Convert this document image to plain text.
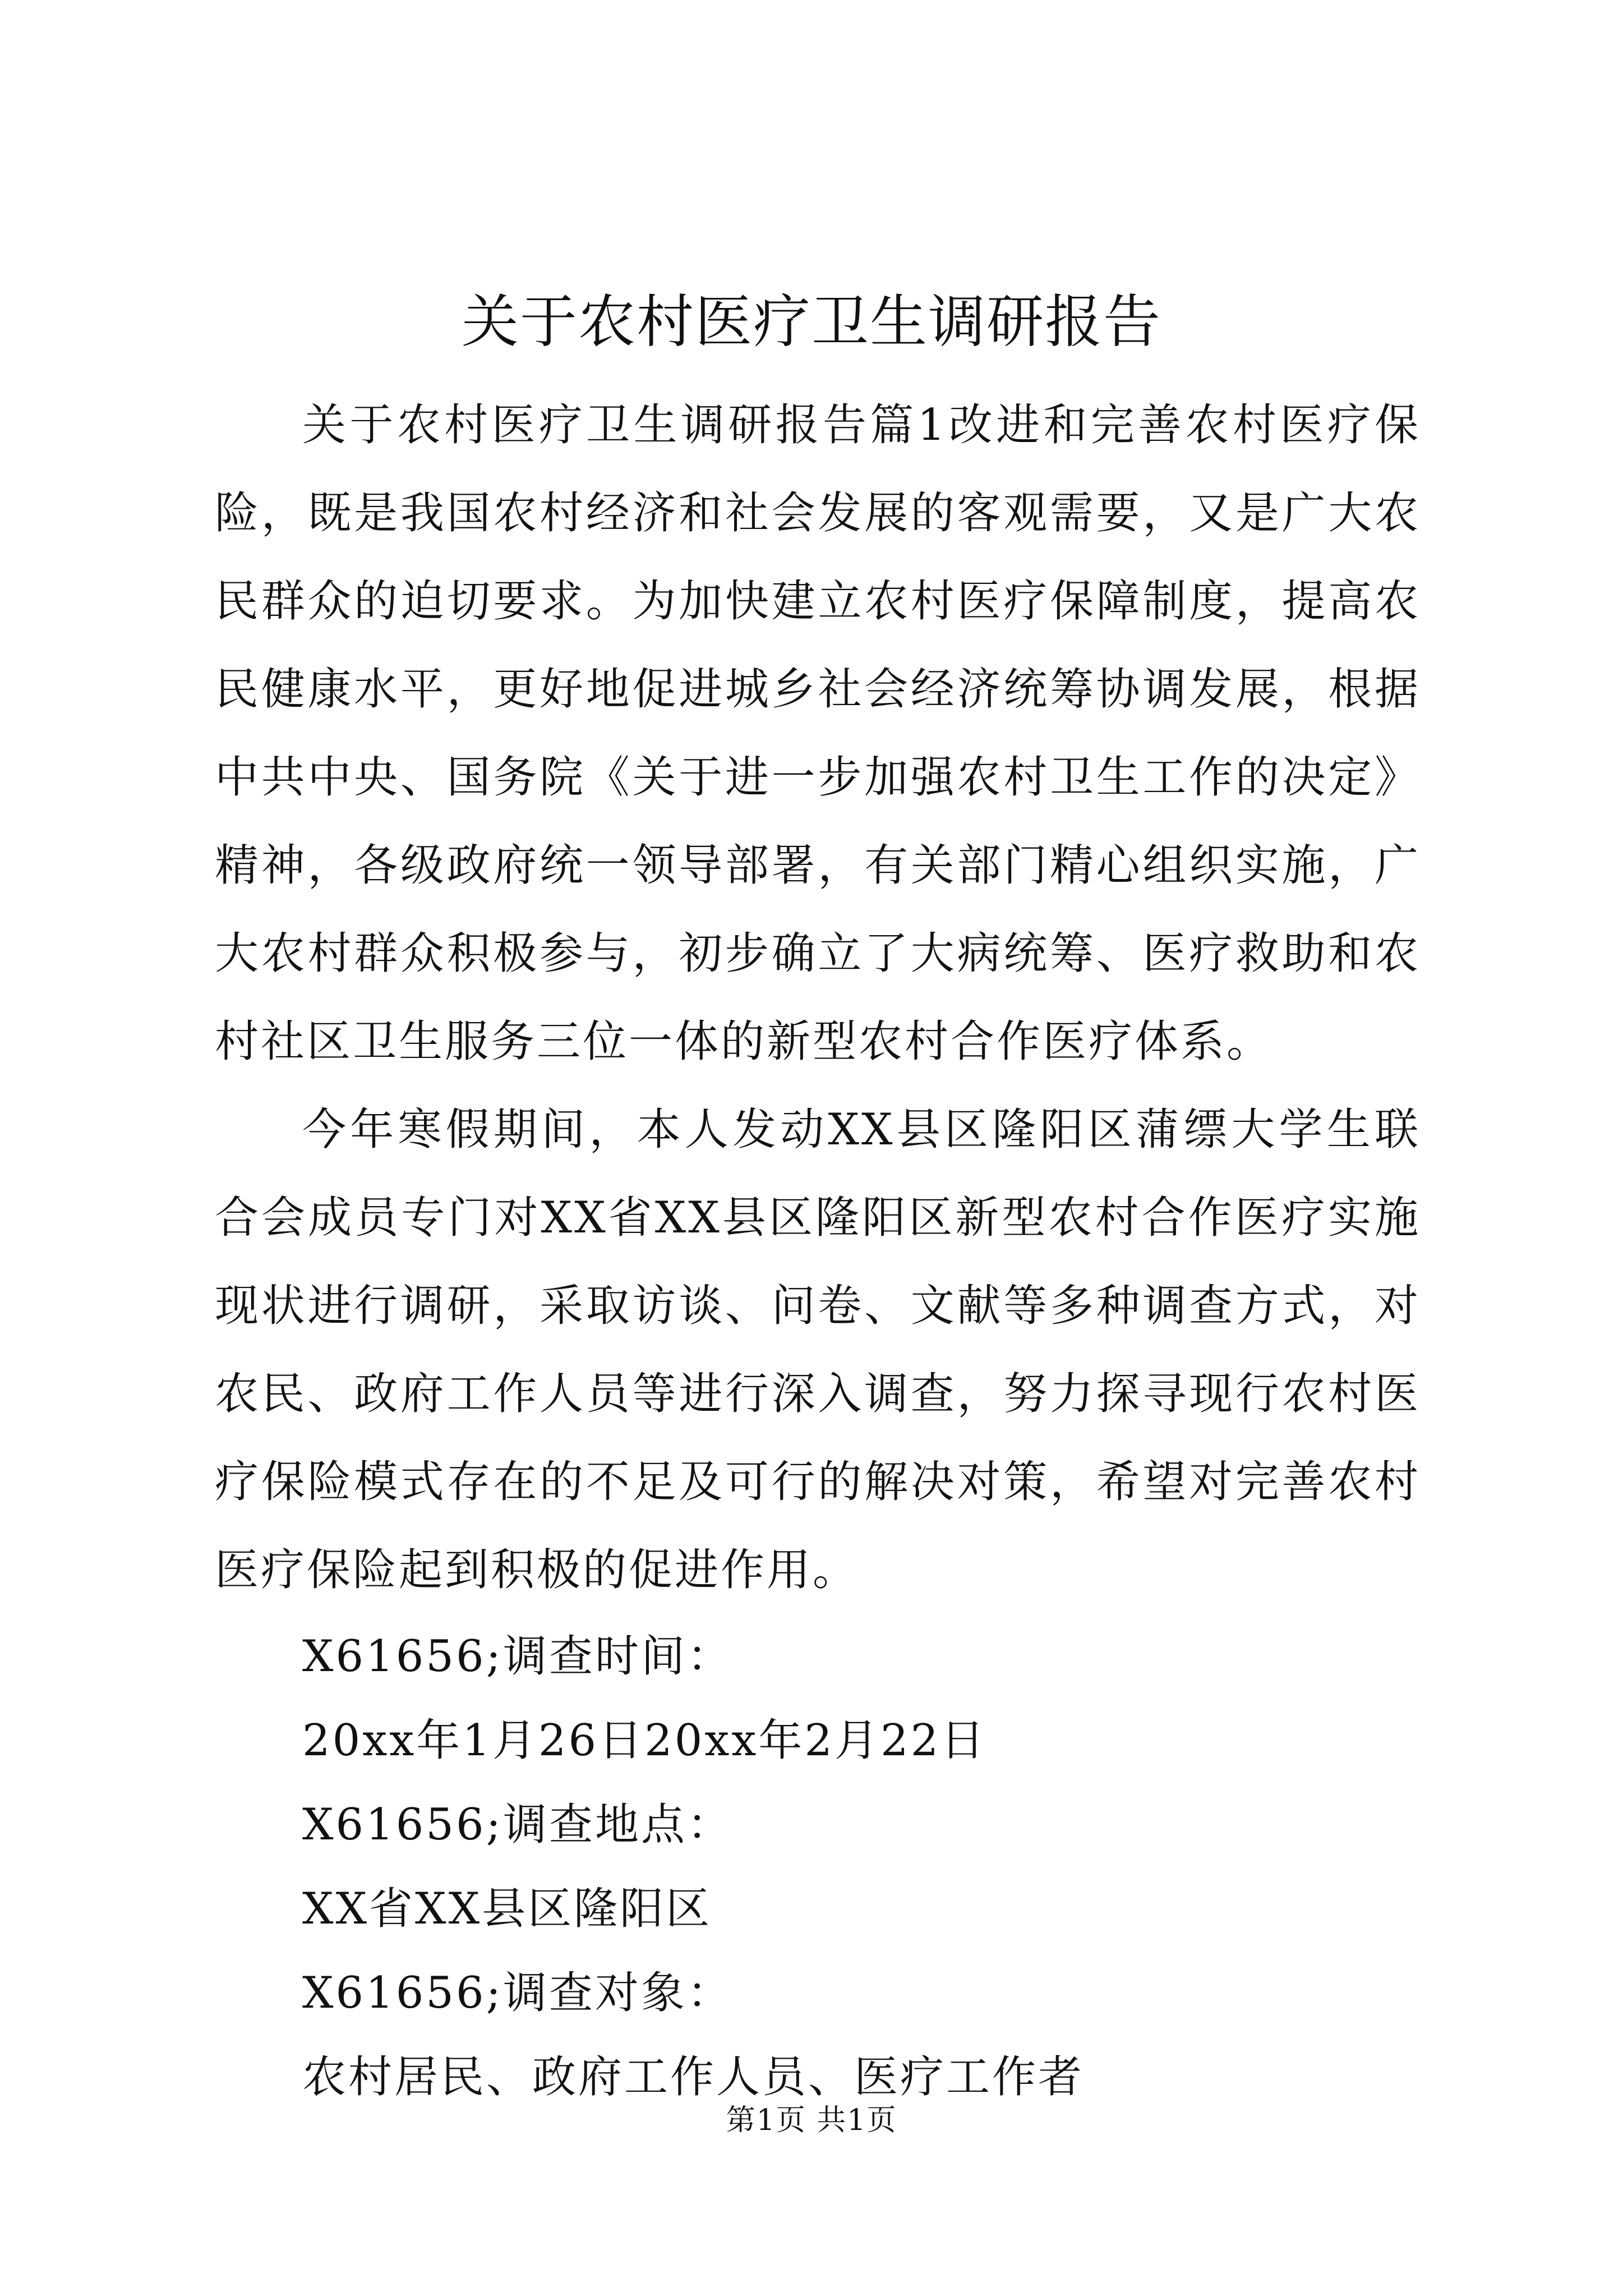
关于农村医疗卫生调研报告

关于农村医疗卫生调研报告篇1改进和完善农村医疗保险，既是我国农村经济和社会发展的客观需要，又是广大农民群众的迫切要求。为加快建立农村医疗保障制度，提高农民健康水平，更好地促进城乡社会经济统筹协调发展，根据中共中央、国务院《关于进一步加强农村卫生工作的决定》精神，各级政府统一领导部署，有关部门精心组织实施，广大农村群众积极参与，初步确立了大病统筹、医疗救助和农村社区卫生服务三位一体的新型农村合作医疗体系。

今年寒假期间，本人发动XX县区隆阳区蒲缥大学生联合会成员专门对XX省XX县区隆阳区新型农村合作医疗实施现状进行调研，采取访谈、问卷、文献等多种调查方式，对农民、政府工作人员等进行深入调查，努力探寻现行农村医疗保险模式存在的不足及可行的解决对策，希望对完善农村医疗保险起到积极的促进作用。

X61656;调查时间：

20xx年1月26日20xx年2月22日

X61656;调查地点：

XX省XX县区隆阳区

X61656;调查对象：

农村居民、政府工作人员、医疗工作者

第1页 共1页
